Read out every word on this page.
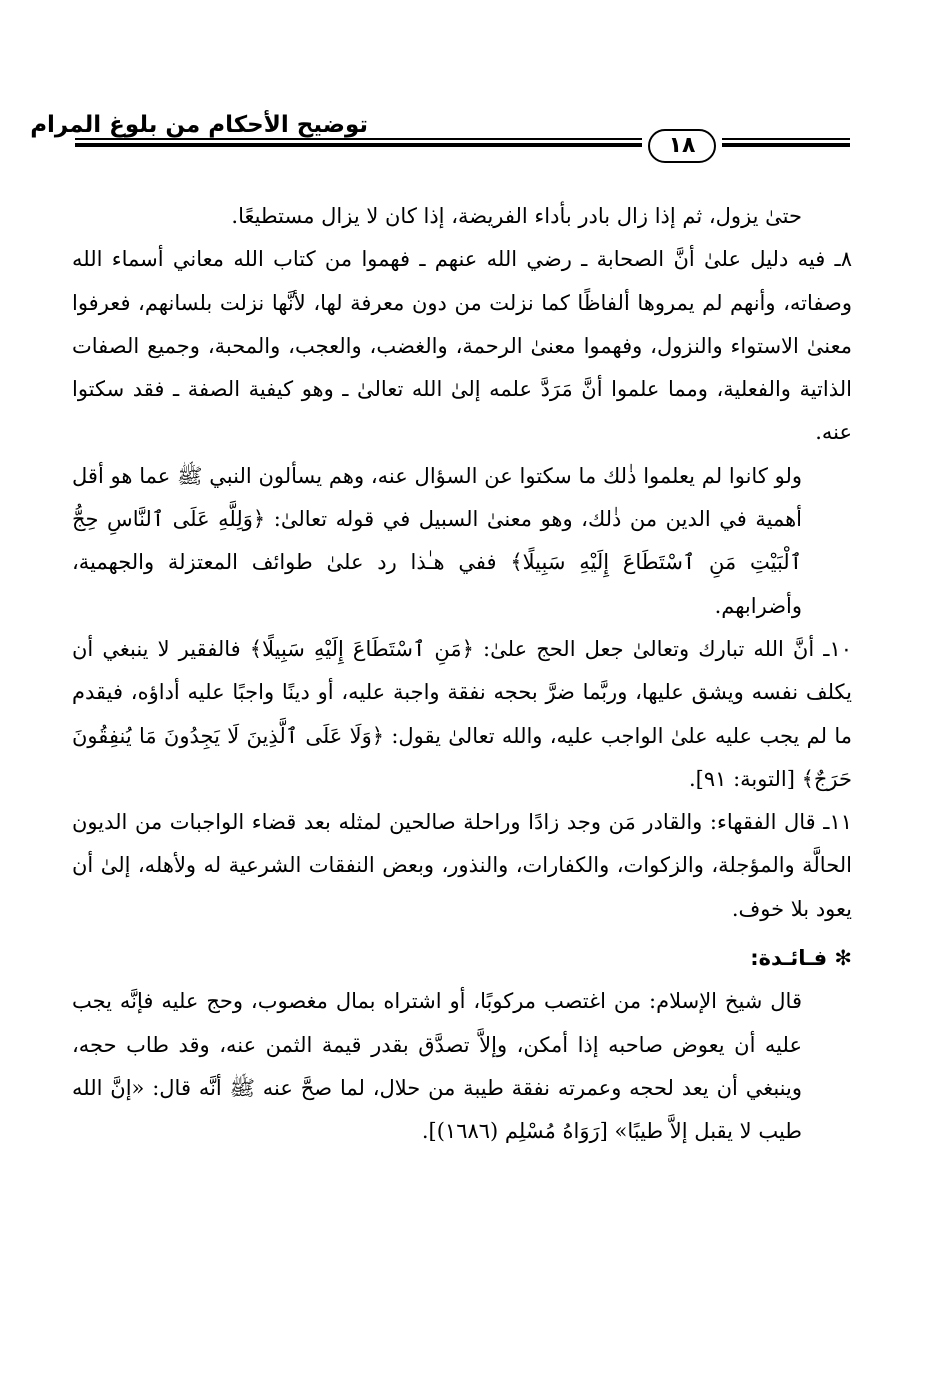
توضيح الأحكام من بلوغ المرام
١٨

حتىٰ يزول، ثم إذا زال بادر بأداء الفريضة، إذا كان لا يزال مستطيعًا.

٨ـ فيه دليل علىٰ أنَّ الصحابة ـ رضي الله عنهم ـ فهموا من كتاب الله معاني أسماء الله وصفاته، وأنهم لم يمروها ألفاظًا كما نزلت من دون معرفة لها، لأنَّها نزلت بلسانهم، فعرفوا معنىٰ الاستواء والنزول، وفهموا معنىٰ الرحمة، والغضب، والعجب، والمحبة، وجميع الصفات الذاتية والفعلية، ومما علموا أنَّ مَرَدَّ علمه إلىٰ الله تعالىٰ ـ وهو كيفية الصفة ـ فقد سكتوا عنه.

ولو كانوا لم يعلموا ذٰلك ما سكتوا عن السؤال عنه، وهم يسألون النبي ﷺ عما هو أقل أهمية في الدين من ذٰلك، وهو معنىٰ السبيل في قوله تعالىٰ: ﴿وَلِلَّهِ عَلَى ٱلنَّاسِ حِجُّ ٱلْبَيْتِ مَنِ ٱسْتَطَاعَ إِلَيْهِ سَبِيلًا﴾ ففي هـٰذا رد علىٰ طوائف المعتزلة والجهمية، وأضرابهم.

١٠ـ أنَّ الله تبارك وتعالىٰ جعل الحج علىٰ: ﴿مَنِ ٱسْتَطَاعَ إِلَيْهِ سَبِيلًا﴾ فالفقير لا ينبغي أن يكلف نفسه ويشق عليها، وربَّما ضرَّ بحجه نفقة واجبة عليه، أو دينًا واجبًا عليه أداؤه، فيقدم ما لم يجب عليه علىٰ الواجب عليه، والله تعالىٰ يقول: ﴿وَلَا عَلَى ٱلَّذِينَ لَا يَجِدُونَ مَا يُنفِقُونَ حَرَجٌ﴾ [التوبة: ٩١].

١١ـ قال الفقهاء: والقادر مَن وجد زادًا وراحلة صالحين لمثله بعد قضاء الواجبات من الديون الحالَّة والمؤجلة، والزكوات، والكفارات، والنذور، وبعض النفقات الشرعية له ولأهله، إلىٰ أن يعود بلا خوف.

✻ فـائـدة:

قال شيخ الإسلام: من اغتصب مركوبًا، أو اشتراه بمال مغصوب، وحج عليه فإنَّه يجب عليه أن يعوض صاحبه إذا أمكن، وإلاَّ تصدَّق بقدر قيمة الثمن عنه، وقد طاب حجه، وينبغي أن يعد لحجه وعمرته نفقة طيبة من حلال، لما صحَّ عنه ﷺ أنَّه قال: «إنَّ الله طيب لا يقبل إلاَّ طيبًا» [رَوَاهُ مُسْلِم (١٦٨٦)].
